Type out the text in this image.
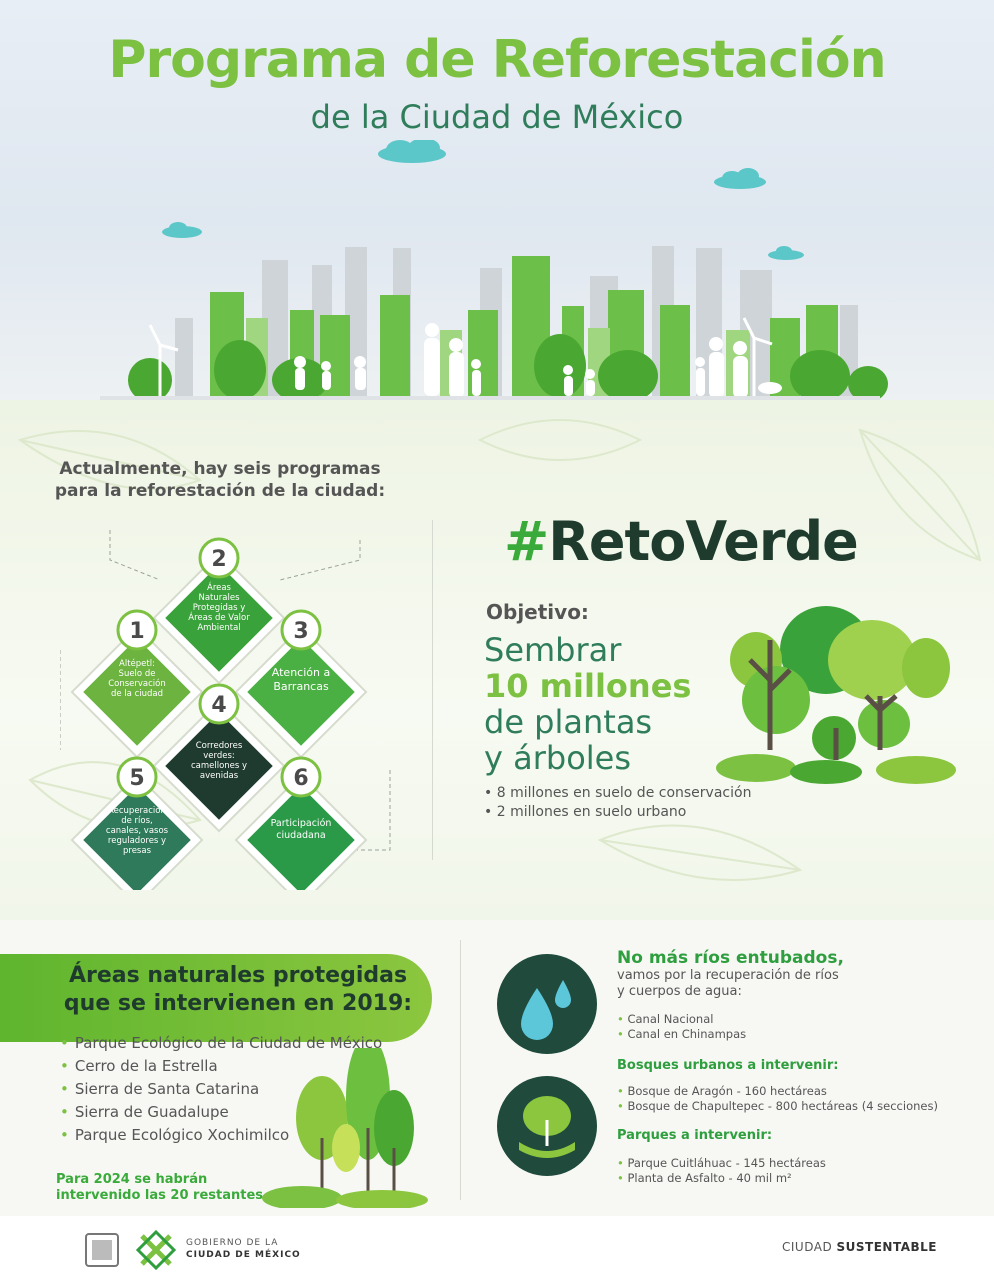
Programa de Reforestación
de la Ciudad de México
Actualmente, hay seis programas para la reforestación de la ciudad:
2
1	3
4
5	6
Áreas Naturales Protegidas y Áreas de Valor Ambiental
Altépetl: Suelo de Conservación de la ciudad
Atención a Barrancas
Corredores verdes: camellones y avenidas
Recuperación de ríos, canales, vasos reguladores y presas
Participación ciudadana
#RetoVerde
Objetivo:
Sembrar
10 millones
de plantas
y árboles
• 8 millones en suelo de conservación
• 2 millones en suelo urbano
Áreas naturales protegidas
que se intervienen en 2019:
• Parque Ecológico de la Ciudad de México
• Cerro de la Estrella
• Sierra de Santa Catarina
• Sierra de Guadalupe
• Parque Ecológico Xochimilco
Para 2024 se habrán
intervenido las 20 restantes
No más ríos entubados,
vamos por la recuperación de ríos
y cuerpos de agua:
• Canal Nacional
• Canal en Chinampas
Bosques urbanos a intervenir:
• Bosque de Aragón - 160 hectáreas
• Bosque de Chapultepec - 800 hectáreas (4 secciones)
Parques a intervenir:
• Parque Cuitláhuac - 145 hectáreas
• Planta de Asfalto - 40 mil m²
GOBIERNO DE LA
CIUDAD DE MÉXICO
CIUDAD SUSTENTABLE
